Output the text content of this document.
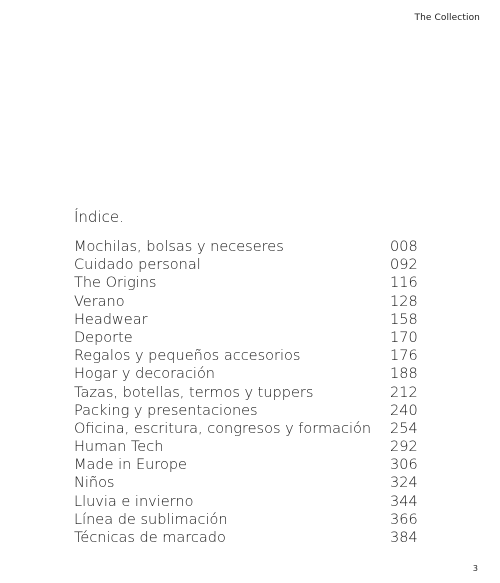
The Collection
Índice.
Mochilas, bolsas y neceseres	008
Cuidado personal	092
The Origins	116
Verano	128
Headwear	158
Deporte	170
Regalos y pequeños accesorios	176
Hogar y decoración	188
Tazas, botellas, termos y tuppers	212
Packing y presentaciones	240
Oficina, escritura, congresos y formación	254
Human Tech	292
Made in Europe	306
Niños	324
Lluvia e invierno	344
Línea de sublimación	366
Técnicas de marcado	384
3
